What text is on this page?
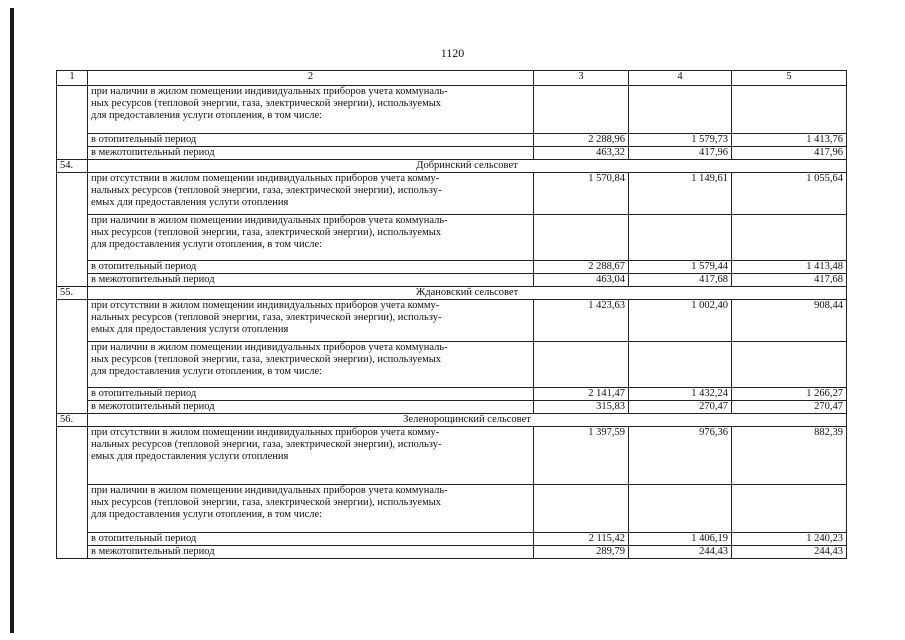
1120
1	2	3	4	5

	при наличии в жилом помещении индивидуальных приборов учета коммуналь-
ных ресурсов (тепловой энергии, газа, электрической энергии), используемых
для предоставления услуги отопления, в том числе:			

	в отопительный период	2 288,96	1 579,73	1 413,76
	в межотопительный период	463,32	417,96	417,96
54.	Добринский сельсовет			

	при отсутствии в жилом помещении индивидуальных приборов учета комму-
нальных ресурсов (тепловой энергии, газа, электрической энергии), использу-
емых для предоставления услуги отопления	1 570,84	1 149,61	1 055,64

	при наличии в жилом помещении индивидуальных приборов учета коммуналь-
ных ресурсов (тепловой энергии, газа, электрической энергии), используемых
для предоставления услуги отопления, в том числе:			

	в отопительный период	2 288,67	1 579,44	1 413,48
	в межотопительный период	463,04	417,68	417,68
55.	Ждановский сельсовет			

	при отсутствии в жилом помещении индивидуальных приборов учета комму-
нальных ресурсов (тепловой энергии, газа, электрической энергии), использу-
емых для предоставления услуги отопления	1 423,63	1 002,40	908,44

	при наличии в жилом помещении индивидуальных приборов учета коммуналь-
ных ресурсов (тепловой энергии, газа, электрической энергии), используемых
для предоставления услуги отопления, в том числе:			

	в отопительный период	2 141,47	1 432,24	1 266,27
	в межотопительный период	315,83	270,47	270,47
56.	Зеленорощинский сельсовет			

	при отсутствии в жилом помещении индивидуальных приборов учета комму-
нальных ресурсов (тепловой энергии, газа, электрической энергии), использу-
емых для предоставления услуги отопления	1 397,59	976,36	882,39

	при наличии в жилом помещении индивидуальных приборов учета коммуналь-
ных ресурсов (тепловой энергии, газа, электрической энергии), используемых
для предоставления услуги отопления, в том числе:			

	в отопительный период	2 115,42	1 406,19	1 240,23
	в межотопительный период	289,79	244,43	244,43
